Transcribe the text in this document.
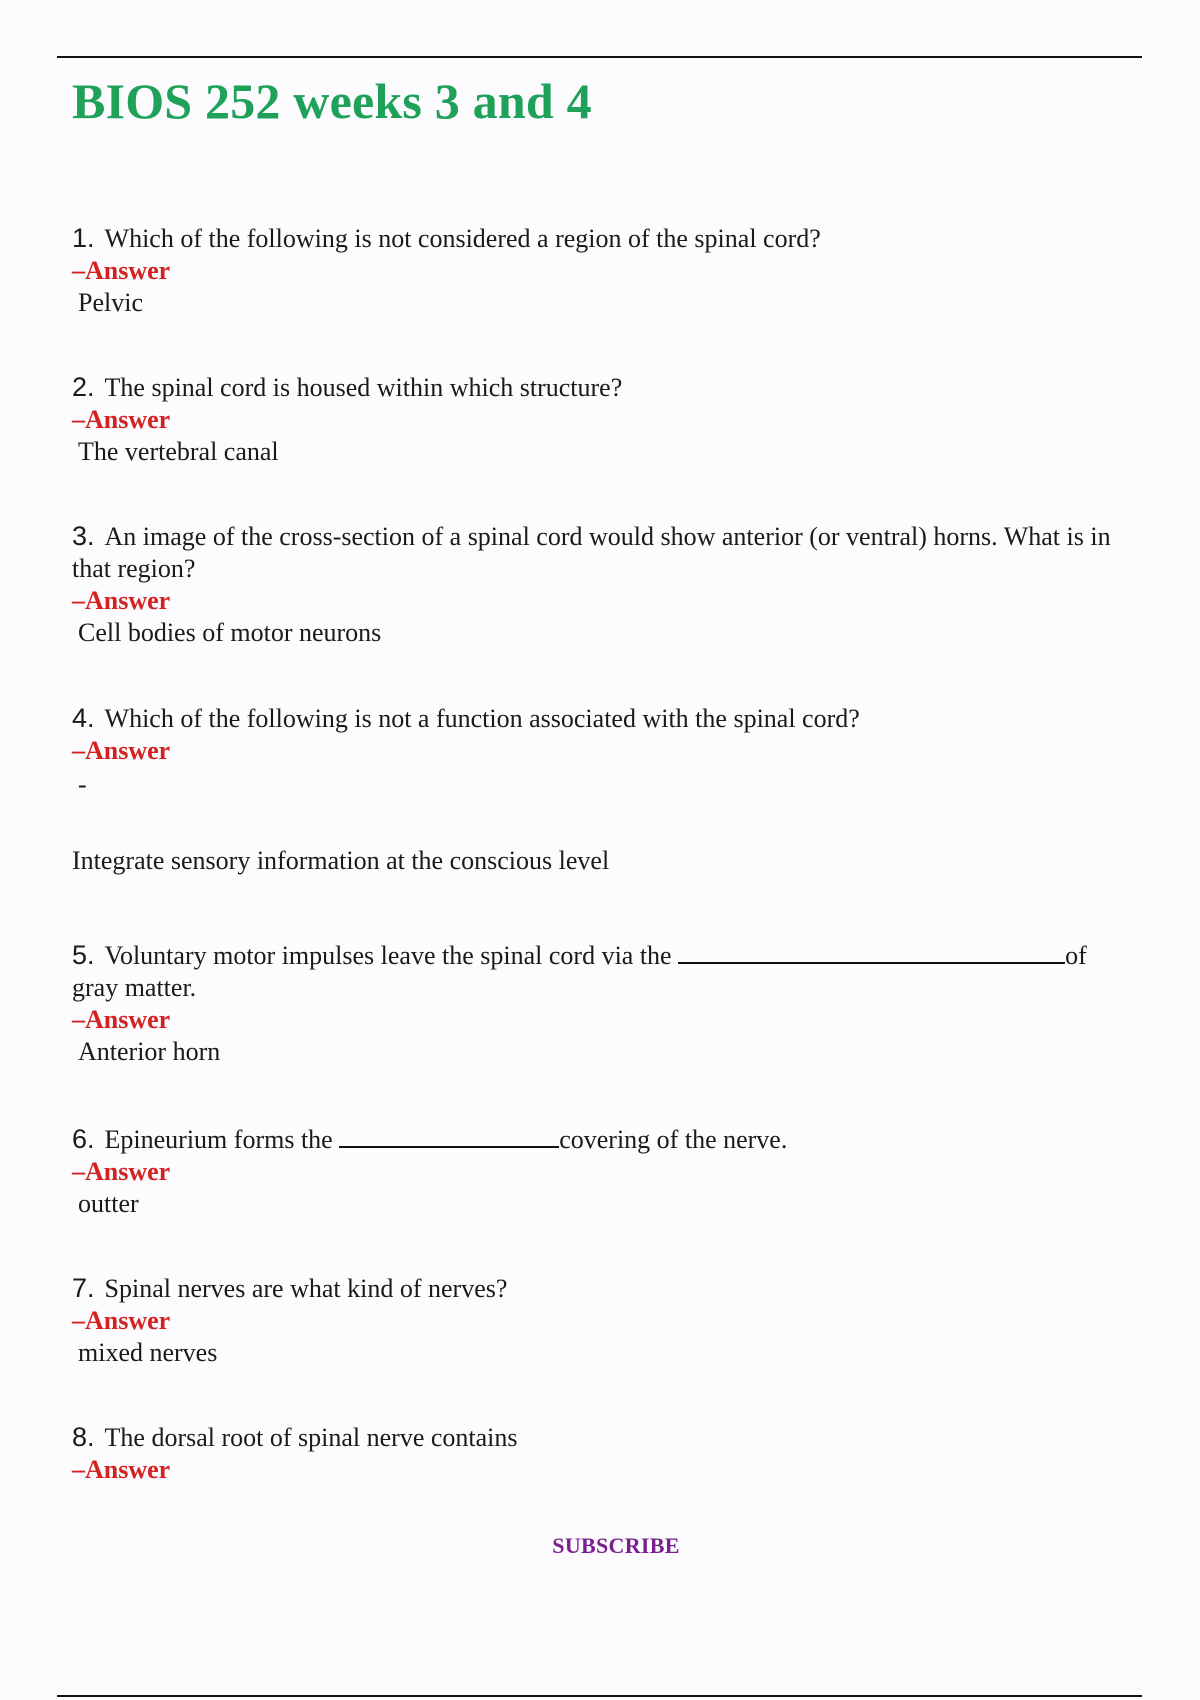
BIOS 252 weeks 3 and 4
1. Which of the following is not considered a region of the spinal cord?
–Answer
Pelvic
2. The spinal cord is housed within which structure?
–Answer
The vertebral canal
3. An image of the cross-section of a spinal cord would show anterior (or ventral) horns. What is in that region?
–Answer
Cell bodies of motor neurons
4. Which of the following is not a function associated with the spinal cord?
–Answer
-
Integrate sensory information at the conscious level
5. Voluntary motor impulses leave the spinal cord via the	of
gray matter.
–Answer
Anterior horn
6. Epineurium forms the	covering of the nerve.
–Answer
outter
7. Spinal nerves are what kind of nerves?
–Answer
mixed nerves
8. The dorsal root of spinal nerve contains
–Answer
SUBSCRIBE
